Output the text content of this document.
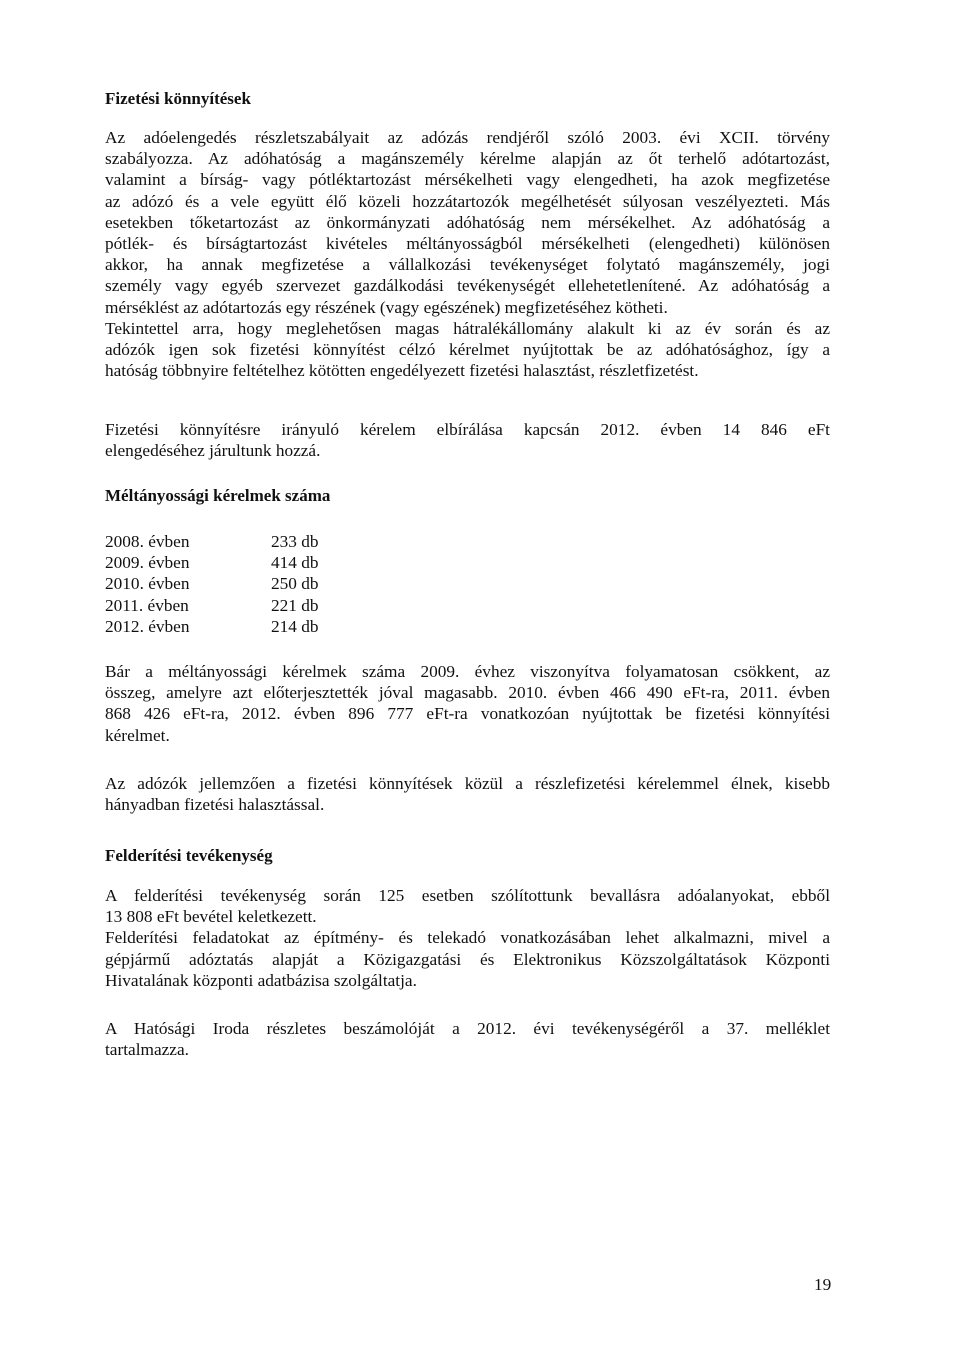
Fizetési könnyítések
Az adóelengedés részletszabályait az adózás rendjéről szóló 2003. évi XCII. törvény
szabályozza. Az adóhatóság a magánszemély kérelme alapján az őt terhelő adótartozást,
valamint a bírság- vagy pótléktartozást mérsékelheti vagy elengedheti, ha azok megfizetése
az adózó és a vele együtt élő közeli hozzátartozók megélhetését súlyosan veszélyezteti. Más
esetekben tőketartozást az önkormányzati adóhatóság nem mérsékelhet. Az adóhatóság a
pótlék- és bírságtartozást kivételes méltányosságból mérsékelheti (elengedheti) különösen
akkor, ha annak megfizetése a vállalkozási tevékenységet folytató magánszemély, jogi
személy vagy egyéb szervezet gazdálkodási tevékenységét ellehetetlenítené. Az adóhatóság a
mérséklést az adótartozás egy részének (vagy egészének) megfizetéséhez kötheti.
Tekintettel arra, hogy meglehetősen magas hátralékállomány alakult ki az év során és az
adózók igen sok fizetési könnyítést célzó kérelmet nyújtottak be az adóhatósághoz, így a
hatóság többnyire feltételhez kötötten engedélyezett fizetési halasztást, részletfizetést.
Fizetési könnyítésre irányuló kérelem elbírálása kapcsán 2012. évben 14 846 eFt
elengedéséhez járultunk hozzá.
Méltányossági kérelmek száma
2008. évben	233 db
2009. évben	414 db
2010. évben	250 db
2011. évben	221 db
2012. évben	214 db
Bár a méltányossági kérelmek száma 2009. évhez viszonyítva folyamatosan csökkent, az
összeg, amelyre azt előterjesztették jóval magasabb. 2010. évben 466 490 eFt-ra, 2011. évben
868 426 eFt-ra, 2012. évben 896 777 eFt-ra vonatkozóan nyújtottak be fizetési könnyítési
kérelmet.
Az adózók jellemzően a fizetési könnyítések közül a részlefizetési kérelemmel élnek, kisebb
hányadban fizetési halasztással.
Felderítési tevékenység
A felderítési tevékenység során 125 esetben szólítottunk bevallásra adóalanyokat, ebből
13 808 eFt bevétel keletkezett.
Felderítési feladatokat az építmény- és telekadó vonatkozásában lehet alkalmazni, mivel a
gépjármű adóztatás alapját a Közigazgatási és Elektronikus Közszolgáltatások Központi
Hivatalának központi adatbázisa szolgáltatja.
A Hatósági Iroda részletes beszámolóját a 2012. évi tevékenységéről a 37. melléklet
tartalmazza.
19
